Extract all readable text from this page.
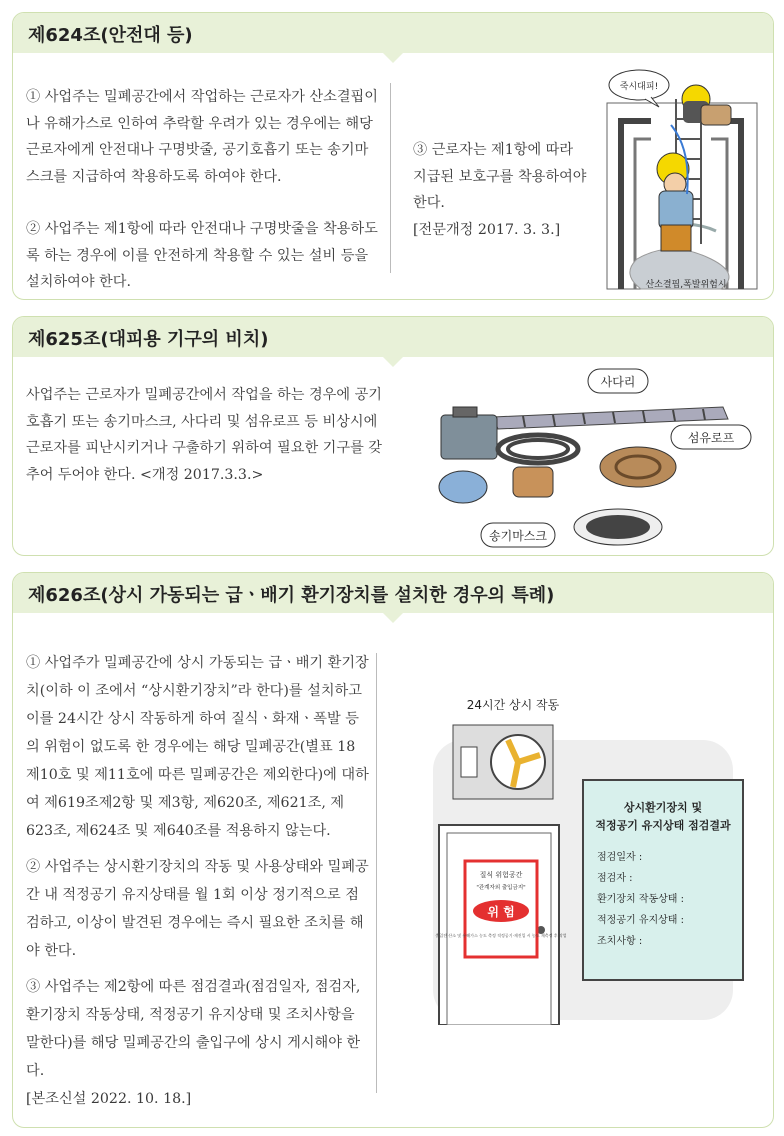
제624조(안전대 등)

① 사업주는 밀폐공간에서 작업하는 근로자가 산소결핍이나 유해가스로 인하여 추락할 우려가 있는 경우에는 해당 근로자에게 안전대나 구명밧줄, 공기호흡기 또는 송기마스크를 지급하여 착용하도록 하여야 한다.

② 사업주는 제1항에 따라 안전대나 구명밧줄을 착용하도록 하는 경우에 이를 안전하게 착용할 수 있는 설비 등을 설치하여야 한다.

③ 근로자는 제1항에 따라 지급된 보호구를 착용하여야 한다.

[전문개정 2017. 3. 3.]

죽시대피!
산소결핍,폭발위험시
제625조(대피용 기구의 비치)

사업주는 근로자가 밀폐공간에서 작업을 하는 경우에 공기호흡기 또는 송기마스크, 사다리 및 섬유로프 등 비상시에 근로자를 피난시키거나 구출하기 위하여 필요한 기구를 갖추어 두어야 한다. <개정 2017.3.3.>

사다리
섬유로프
송기마스크
제626조(상시 가동되는 급ㆍ배기 환기장치를 설치한 경우의 특례)

① 사업주가 밀폐공간에 상시 가동되는 급ㆍ배기 환기장치(이하 이 조에서 “상시환기장치”라 한다)를 설치하고 이를 24시간 상시 작동하게 하여 질식ㆍ화재ㆍ폭발 등의 위험이 없도록 한 경우에는 해당 밀폐공간(별표 18 제10호 및 제11호에 따른 밀폐공간은 제외한다)에 대하여 제619조제2항 및 제3항, 제620조, 제621조, 제623조, 제624조 및 제640조를 적용하지 않는다.

② 사업주는 상시환기장치의 작동 및 사용상태와 밀폐공간 내 적정공기 유지상태를 월 1회 이상 정기적으로 점검하고, 이상이 발견된 경우에는 즉시 필요한 조치를 해야 한다.

③ 사업주는 제2항에 따른 점검결과(점검일자, 점검자, 환기장치 작동상태, 적정공기 유지상태 및 조치사항을 말한다)를 해당 밀폐공간의 출입구에 상시 게시해야 한다.

[본조신설 2022. 10. 18.]

24시간 상시 작동
질식 위험공간
"관계자외 출입금지"
위 험
출입전 산소 및 유해가스 농도 측정 적정공기·재진입 시 농도 재측정 후 작업
상시환기장치 및
적정공기 유지상태 점검결과
점검일자 :
점검자 :
환기장치 작동상태 :
적정공기 유지상태 :
조치사항 :
